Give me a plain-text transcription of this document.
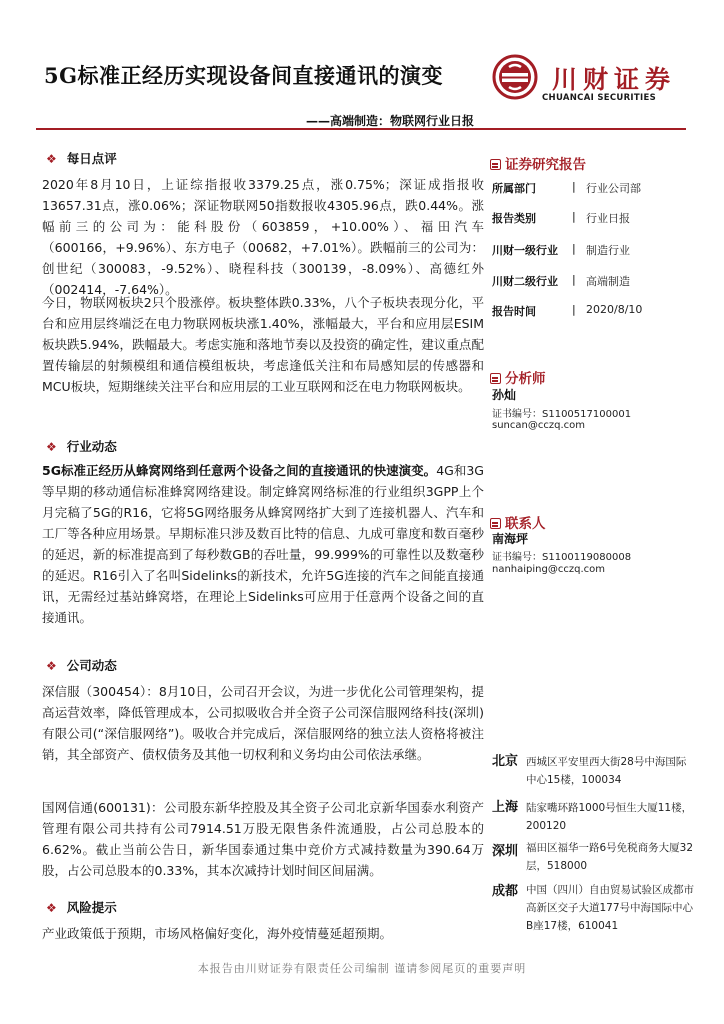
5G标准正经历实现设备间直接通讯的演变
——高端制造：物联网行业日报
川财证券
CHUANCAI SECURITIES
❖ 每日点评
2020年8月10日，上证综指报收3379.25点，涨0.75%；深证成指报收13657.31点，涨0.06%；深证物联网50指数报收4305.96点，跌0.44%。涨幅前三的公司为：能科股份（603859，+10.00%）、福田汽车（600166，+9.96%）、东方电子（00682，+7.01%）。跌幅前三的公司为：创世纪（300083，-9.52%）、晓程科技（300139，-8.09%）、高德红外（002414，-7.64%）。
今日，物联网板块2只个股涨停。板块整体跌0.33%，八个子板块表现分化，平台和应用层终端泛在电力物联网板块涨1.40%，涨幅最大，平台和应用层ESIM板块跌5.94%，跌幅最大。考虑实施和落地节奏以及投资的确定性，建议重点配置传输层的射频模组和通信模组板块，考虑逢低关注和布局感知层的传感器和MCU板块，短期继续关注平台和应用层的工业互联网和泛在电力物联网板块。
❖ 行业动态
5G标准正经历从蜂窝网络到任意两个设备之间的直接通讯的快速演变。4G和3G等早期的移动通信标准蜂窝网络建设。制定蜂窝网络标准的行业组织3GPP上个月完稿了5G的R16，它将5G网络服务从蜂窝网络扩大到了连接机器人、汽车和工厂等各种应用场景。早期标准只涉及数百比特的信息、九成可靠度和数百毫秒的延迟，新的标准提高到了每秒数GB的吞吐量，99.999%的可靠性以及数毫秒的延迟。R16引入了名叫Sidelinks的新技术，允许5G连接的汽车之间能直接通讯，无需经过基站蜂窝塔，在理论上Sidelinks可应用于任意两个设备之间的直接通讯。
❖ 公司动态
深信服（300454）：8月10日，公司召开会议，为进一步优化公司管理架构，提高运营效率，降低管理成本，公司拟吸收合并全资子公司深信服网络科技(深圳)有限公司(“深信服网络”)。吸收合并完成后，深信服网络的独立法人资格将被注销，其全部资产、债权债务及其他一切权利和义务均由公司依法承继。
国网信通(600131)：公司股东新华控股及其全资子公司北京新华国泰水利资产管理有限公司共持有公司7914.51万股无限售条件流通股，占公司总股本的6.62%。截止当前公告日，新华国泰通过集中竞价方式减持数量为390.64万股，占公司总股本的0.33%，其本次减持计划时间区间届满。
❖ 风险提示
产业政策低于预期，市场风格偏好变化，海外疫情蔓延超预期。
证券研究报告
所属部门	| 行业公司部
报告类别	| 行业日报
川财一级行业 | 制造行业
川财二级行业 | 高端制造
报告时间	| 2020/8/10
分析师
孙灿
证书编号：S1100517100001
suncan@cczq.com
联系人
南海坪
证书编号：S1100119080008
nanhaiping@cczq.com
北京 西城区平安里西大街28号中海国际中心15楼，100034
上海 陆家嘴环路1000号恒生大厦11楼，200120
深圳 福田区福华一路6号免税商务大厦32层，518000
成都 中国（四川）自由贸易试验区成都市高新区交子大道177号中海国际中心B座17楼，610041
本报告由川财证券有限责任公司编制 谨请参阅尾页的重要声明
